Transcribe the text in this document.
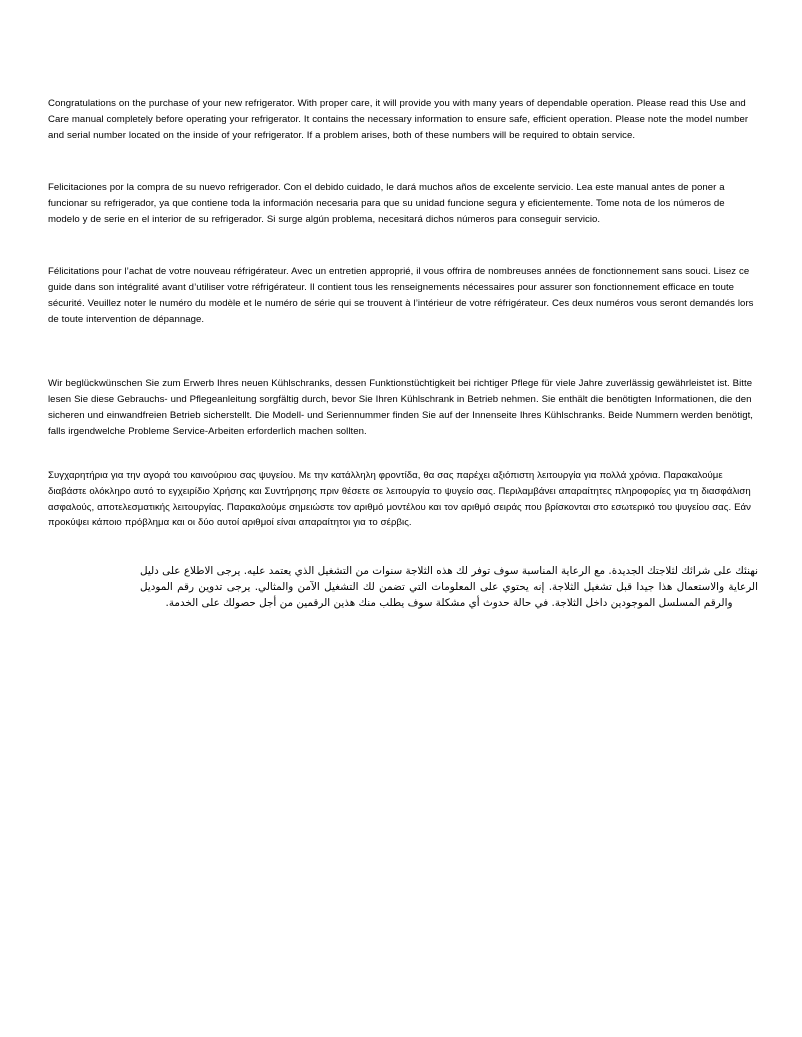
Congratulations on the purchase of your new refrigerator. With proper care, it will provide you with many years of dependable operation. Please read this Use and Care manual completely before operating your refrigerator. It contains the necessary information to ensure safe, efficient operation. Please note the model number and serial number located on the inside of your refrigerator. If a problem arises, both of these numbers will be required to obtain service.

Felicitaciones por la compra de su nuevo refrigerador. Con el debido cuidado, le dará muchos años de excelente servicio. Lea este manual antes de poner a funcionar su refrigerador, ya que contiene toda la información necesaria para que su unidad funcione segura y eficientemente. Tome nota de los números de modelo y de serie en el interior de su refrigerador. Si surge algún problema, necesitará dichos números para conseguir servicio.

Félicitations pour l’achat de votre nouveau réfrigérateur. Avec un entretien approprié, il vous offrira de nombreuses années de fonctionnement sans souci. Lisez ce guide dans son intégralité avant d’utiliser votre réfrigérateur. Il contient tous les renseignements nécessaires pour assurer son fonctionnement efficace en toute sécurité. Veuillez noter le numéro du modèle et le numéro de série qui se trouvent à l’intérieur de votre réfrigérateur. Ces deux numéros vous seront demandés lors de toute intervention de dépannage.

Wir beglückwünschen Sie zum Erwerb Ihres neuen Kühlschranks, dessen Funktionstüchtigkeit bei richtiger Pflege für viele Jahre zuverlässig gewährleistet ist. Bitte lesen Sie diese Gebrauchs- und Pflegeanleitung sorgfältig durch, bevor Sie Ihren Kühlschrank in Betrieb nehmen. Sie enthält die benötigten Informationen, die den sicheren und einwandfreien Betrieb sicherstellt. Die Modell- und Seriennummer finden Sie auf der Innenseite Ihres Kühlschranks. Beide Nummern werden benötigt, falls irgendwelche Probleme Service-Arbeiten erforderlich machen sollten.

Συγχαρητήρια για την αγορά του καινούριου σας ψυγείου. Με την κατάλληλη φροντίδα, θα σας παρέχει αξιόπιστη λειτουργία για πολλά χρόνια. Παρακαλούμε διαβάστε ολόκληρο αυτό το εγχειρίδιο Χρήσης και Συντήρησης πριν θέσετε σε λειτουργία το ψυγείο σας. Περιλαμβάνει απαραίτητες πληροφορίες για τη διασφάλιση ασφαλούς, αποτελεσματικής λειτουργίας. Παρακαλούμε σημειώστε τον αριθμό μοντέλου και τον αριθμό σειράς που βρίσκονται στο εσωτερικό του ψυγείου σας. Εάν προκύψει κάποιο πρόβλημα και οι δύο αυτοί αριθμοί είναι απαραίτητοι για το σέρβις.

نهنئك على شرائك لثلاجتك الجديدة. مع الرعاية المناسبة سوف توفر لك هذه الثلاجة سنوات من التشغيل الذي يعتمد عليه. يرجى الاطلاع على دليل الرعاية والاستعمال هذا جيدا قبل تشغيل الثلاجة. إنه يحتوي على المعلومات التي تضمن لك التشغيل الآمن والمثالي. يرجى تدوين رقم الموديل والرقم المسلسل الموجودين داخل الثلاجة. في حالة حدوث أي مشكلة سوف يطلب منك هذين الرقمين من أجل حصولك على الخدمة.
